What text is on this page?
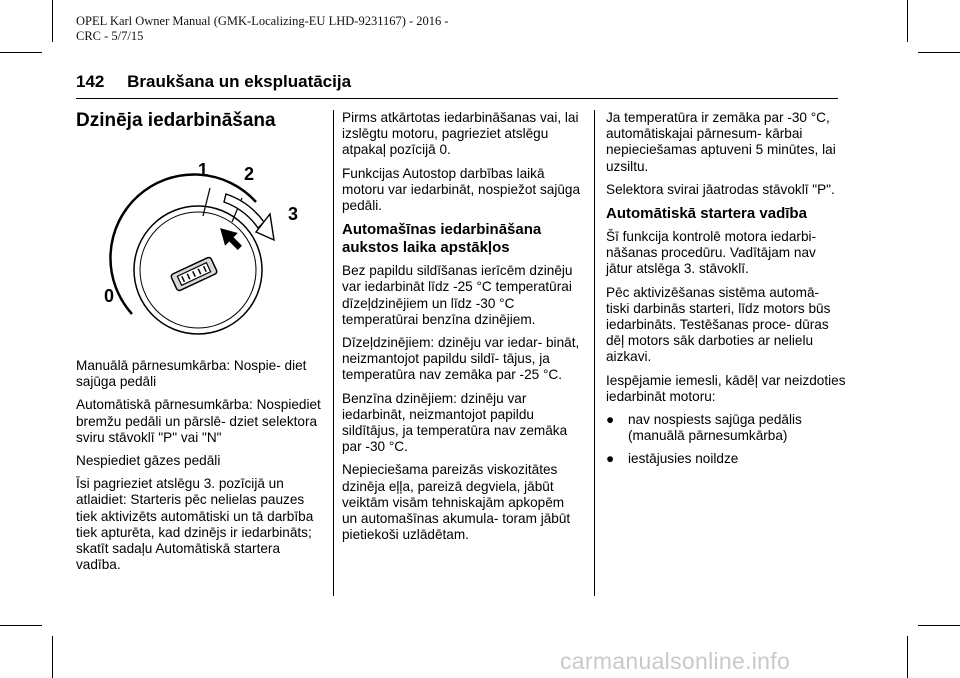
OPEL Karl Owner Manual (GMK-Localizing-EU LHD-9231167) - 2016 -
CRC - 5/7/15
142 Braukšana un ekspluatācija
Dzinēja iedarbināšana

Manuālā pārnesumkārba: Nospie- diet sajūga pedāli

Automātiskā pārnesumkārba: Nospiediet bremžu pedāli un pārslē- dziet selektora sviru stāvoklī "P" vai "N"

Nespiediet gāzes pedāli

Īsi pagrieziet atslēgu 3. pozīcijā un atlaidiet: Starteris pēc nelielas pauzes tiek aktivizēts automātiski un tā darbība tiek apturēta, kad dzinējs ir iedarbināts; skatīt sadaļu Automātiskā startera vadība.

0
1 2
3

Pirms atkārtotas iedarbināšanas vai, lai izslēgtu motoru, pagrieziet atslēgu atpakaļ pozīcijā 0.

Funkcijas Autostop darbības laikā motoru var iedarbināt, nospiežot sajūga pedāli.

Automašīnas iedarbināšana aukstos laika apstākļos

Bez papildu sildīšanas ierīcēm dzinēju var iedarbināt līdz -25 °C temperatūrai dīzeļdzinējiem un līdz -30 °C temperatūrai benzīna dzinējiem.

Dīzeļdzinējiem: dzinēju var iedar- bināt, neizmantojot papildu sildī- tājus, ja temperatūra nav zemāka par -25 °C.

Benzīna dzinējiem: dzinēju var iedarbināt, neizmantojot papildu sildītājus, ja temperatūra nav zemāka par -30 °C.

Nepieciešama pareizās viskozitātes dzinēja eļļa, pareizā degviela, jābūt veiktām visām tehniskajām apkopēm un automašīnas akumula- toram jābūt pietiekoši uzlādētam.

Ja temperatūra ir zemāka par -30 °C, automātiskajai pārnesum- kārbai nepieciešamas aptuveni 5 minūtes, lai uzsiltu.

Selektora svirai jāatrodas stāvoklī "P".

Automātiskā startera vadība

Šī funkcija kontrolē motora iedarbi- nāšanas procedūru. Vadītājam nav jātur atslēga 3. stāvoklī.

Pēc aktivizēšanas sistēma automā- tiski darbinās starteri, līdz motors būs iedarbināts. Testēšanas proce- dūras dēļ motors sāk darboties ar nelielu aizkavi.

Iespējamie iemesli, kādēļ var neizdoties iedarbināt motoru:

●	nav nospiests sajūga pedālis (manuālā pārnesumkārba)
●	iestājusies noildze
carmanualsonline.info
